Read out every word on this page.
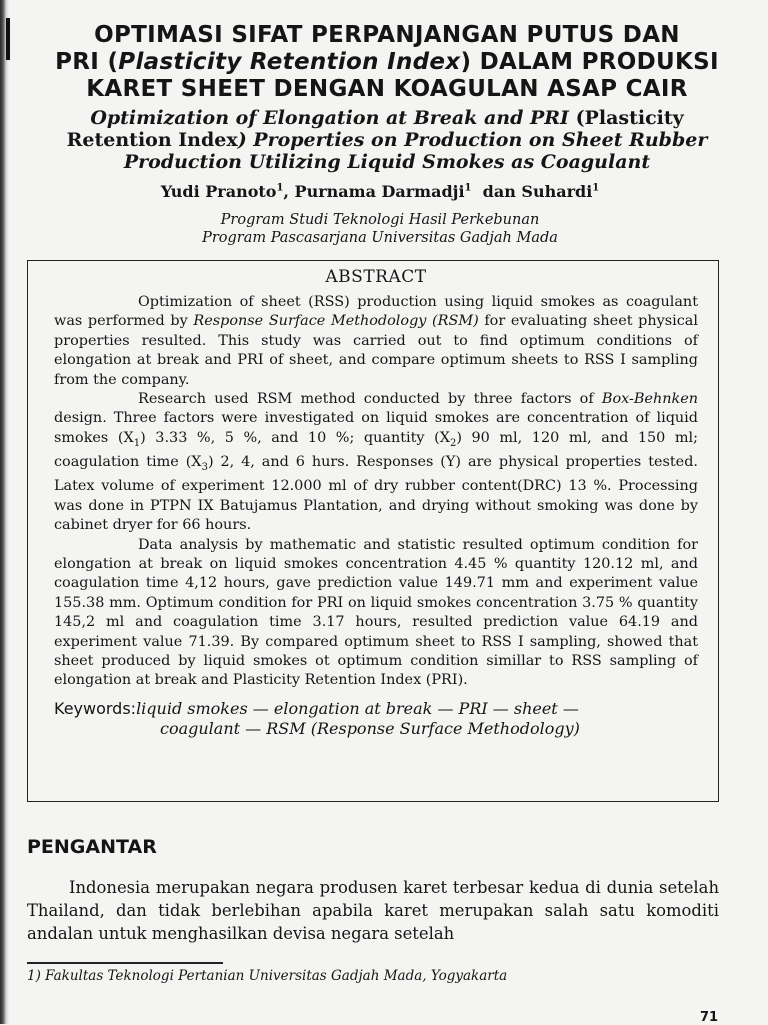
OPTIMASI SIFAT PERPANJANGAN PUTUS DAN
PRI (Plasticity Retention Index) DALAM PRODUKSI
KARET SHEET DENGAN KOAGULAN ASAP CAIR
Optimization of Elongation at Break and PRI (Plasticity
Retention Index) Properties on Production on Sheet Rubber
Production Utilizing Liquid Smokes as Coagulant
Yudi Pranoto$^1$, Purnama Darmadji$^1$ dan Suhardi$^1$
Program Studi Teknologi Hasil Perkebunan
Program Pascasarjana Universitas Gadjah Mada
ABSTRACT

Optimization of sheet (RSS) production using liquid smokes as coagulant was performed by Response Surface Methodology (RSM) for evaluating sheet physical properties resulted. This study was carried out to find optimum conditions of elongation at break and PRI of sheet, and compare optimum sheets to RSS I sampling from the company.

Research used RSM method conducted by three factors of Box-Behnken design. Three factors were investigated on liquid smokes are concentration of liquid smokes $(X_1)$ 3.33 %, 5 %, and 10 %; quantity $(X_2)$ 90 ml, 120 ml, and 150 ml; coagulation time $(X_3)$ 2, 4, and 6 hurs. Responses (Y) are physical properties tested. Latex volume of experiment 12.000 ml of dry rubber content(DRC) 13 %. Processing was done in PTPN IX Batujamus Plantation, and drying without smoking was done by cabinet dryer for 66 hours.

Data analysis by mathematic and statistic resulted optimum condition for elongation at break on liquid smokes concentration 4.45 % quantity 120.12 ml, and coagulation time 4,12 hours, gave prediction value 149.71 mm and experiment value 155.38 mm. Optimum condition for PRI on liquid smokes concentration 3.75 % quantity 145,2 ml and coagulation time 3.17 hours, resulted prediction value 64.19 and experiment value 71.39. By compared optimum sheet to RSS I sampling, showed that sheet produced by liquid smokes ot optimum condition simillar to RSS sampling of elongation at break and Plasticity Retention Index (PRI).

Keywords:liquid smokes — elongation at break — PRI — sheet —
coagulant — RSM (Response Surface Methodology)
PENGANTAR

Indonesia merupakan negara produsen karet terbesar kedua di dunia setelah Thailand, dan tidak berlebihan apabila karet merupakan salah satu komoditi andalan untuk menghasilkan devisa negara setelah

1) Fakultas Teknologi Pertanian Universitas Gadjah Mada, Yogyakarta
71
